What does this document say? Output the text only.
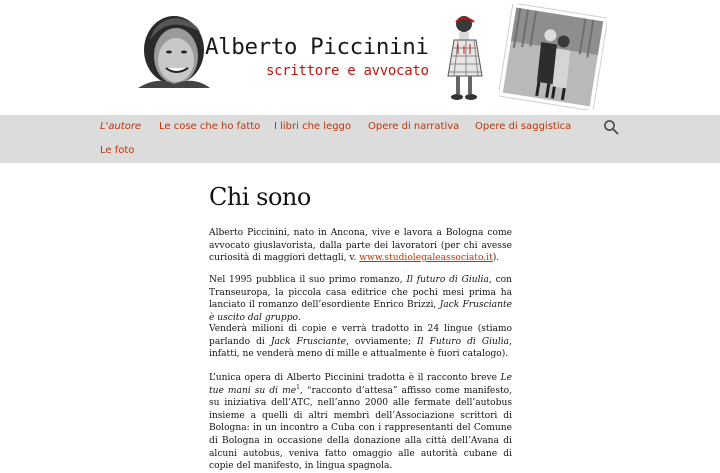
Alberto Piccinini
scrittore e avvocato
L'autore Le cose che ho fatto I libri che leggo Opere di narrativa Opere di saggistica
Le foto
Chi sono

Alberto Piccinini, nato in Ancona, vive e lavora a Bologna come avvocato giuslavorista, dalla parte dei lavoratori (per chi avesse curiosità di maggiori dettagli, v. www.studiolegaleassociato.it).

Nel 1995 pubblica il suo primo romanzo, Il futuro di Giulia, con Transeuropa, la piccola casa editrice che pochi mesi prima ha lanciato il romanzo dell’esordiente Enrico Brizzi, Jack Frusciante è uscito dal gruppo.

Venderà milioni di copie e verrà tradotto in 24 lingue (stiamo parlando di Jack Frusciante, ovviamente; Il Futuro di Giulia, infatti, ne venderà meno di mille e attualmente è fuori catalogo).

L’unica opera di Alberto Piccinini tradotta è il racconto breve Le tue mani su di $me^1$, “racconto d’attesa” affisso come manifesto, su iniziativa dell’ATC, nell’anno 2000 alle fermate dell’autobus insieme a quelli di altri membri dell’Associazione scrittori di Bologna: in un incontro a Cuba con i rappresentanti del Comune di Bologna in occasione della donazione alla città dell’Avana di alcuni autobus, veniva fatto omaggio alle autorità cubane di copie del manifesto, in lingua spagnola.
